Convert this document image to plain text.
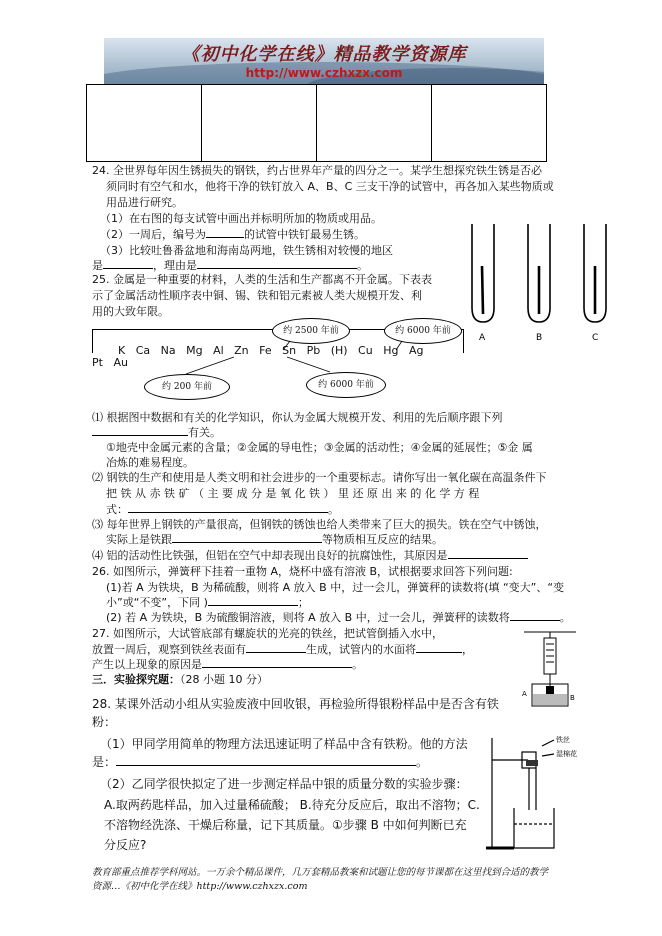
《初中化学在线》精品教学资源库
http://www.czhxzx.com

24. 全世界每年因生锈损失的钢铁，约占世界年产量的四分之一。某学生想探究铁生锈是否必
须同时有空气和水，他将干净的铁钉放入 A、B、C 三支干净的试管中，再各加入某些物质或
用品进行研究。
（1）在右图的每支试管中画出并标明所加的物质或用品。
（2）一周后，编号为	的试管中铁钉最易生锈。
（3）比较吐鲁番盆地和海南岛两地，铁生锈相对较慢的地区
是	，理由是	。
A	B	C
25. 金属是一种重要的材料，人类的生活和生产都离不开金属。下表表
示了金属活动性顺序表中铜、锡、铁和铝元素被人类大规模开发、利
用的大致年限。
约 2500 年前	约 6000 年前
K Ca Na Mg Al Zn Fe Sn Pb (H) Cu Hg Ag
Pt Au
约 200 年前	约 6000 年前
⑴ 根据图中数据和有关的化学知识，你认为金属大规模开发、利用的先后顺序跟下列
有关。
①地壳中金属元素的含量；②金属的导电性；③金属的活动性；④金属的延展性；⑤金 属
冶炼的难易程度。
⑵ 钢铁的生产和使用是人类文明和社会进步的一个重要标志。请你写出一氧化碳在高温条件下
把 铁 从 赤 铁 矿 （ 主 要 成 分 是 氧 化 铁 ） 里 还 原 出 来 的 化 学 方 程
式：	。
⑶ 每年世界上钢铁的产量很高，但钢铁的锈蚀也给人类带来了巨大的损失。铁在空气中锈蚀，
实际上是铁跟	等物质相互反应的结果。
⑷ 铝的活动性比铁强，但铝在空气中却表现出良好的抗腐蚀性，其原因是
26. 如图所示，弹簧秤下挂着一重物 A，烧杯中盛有溶液 B，试根据要求回答下列问题:
(1)若 A 为铁块，B 为稀硫酸，则将 A 放入 B 中，过一会儿，弹簧秤的读数将(填 “变大”、“变
小”或“不变”，下同 )	；
(2) 若 A 为铁块，B 为硫酸铜溶液，则将 A 放入 B 中，过一会儿，弹簧秤的读数将	。
27. 如图所示，大试管底部有螺旋状的光亮的铁丝，把试管倒插入水中，
放置一周后，观察到铁丝表面有	生成，试管内的水面将	，
产生以上现象的原因是	。
A	B
三．实验探究题：（28 小题 10 分）
28. 某课外活动小组从实验废液中回收银，再检验所得银粉样品中是否含有铁
粉：
（1）甲同学用简单的物理方法迅速证明了样品中含有铁粉。他的方法
是：	。
（2）乙同学很快拟定了进一步测定样品中银的质量分数的实验步骤：
A.取两药匙样品，加入过量稀硫酸； B.待充分反应后，取出不溶物；C.
不溶物经洗涤、干燥后称量，记下其质量。①步骤 B 中如何判断已充
分反应?
铁丝
湿棉花
教育部重点推荐学科网站。一万余个精品课件，几万套精品教案和试题让您的每节课都在这里找到合适的教学
资源…《初中化学在线》http://www.czhxzx.com
